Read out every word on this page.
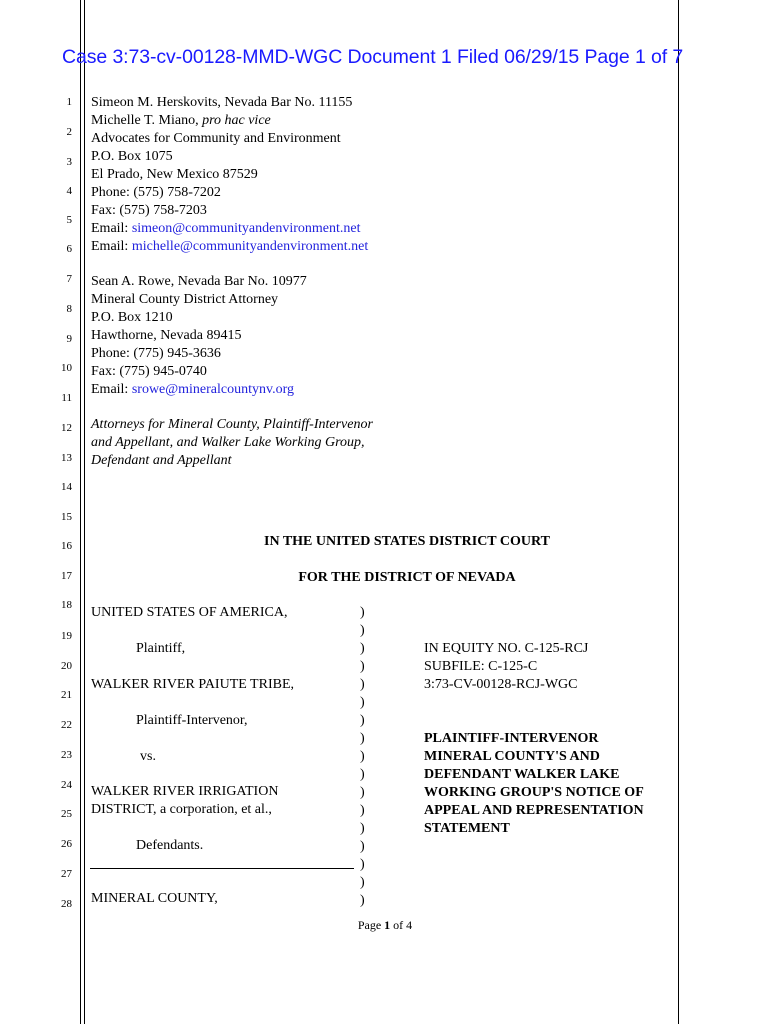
Case 3:73-cv-00128-MMD-WGC Document 1 Filed 06/29/15 Page 1 of 7
1
2
3
4
5
6
7
8
9
10
11
12
13
14
15
16
17
18
19
20
21
22
23
24
25
26
27
28
Simeon M. Herskovits, Nevada Bar No. 11155
Michelle T. Miano, pro hac vice
Advocates for Community and Environment
P.O. Box 1075
El Prado, New Mexico 87529
Phone: (575) 758-7202
Fax: (575) 758-7203
Email: simeon@communityandenvironment.net
Email: michelle@communityandenvironment.net
Sean A. Rowe, Nevada Bar No. 10977
Mineral County District Attorney
P.O. Box 1210
Hawthorne, Nevada 89415
Phone: (775) 945-3636
Fax: (775) 945-0740
Email: srowe@mineralcountynv.org
Attorneys for Mineral County, Plaintiff-Intervenor
and Appellant, and Walker Lake Working Group,
Defendant and Appellant
IN THE UNITED STATES DISTRICT COURT
FOR THE DISTRICT OF NEVADA
UNITED STATES OF AMERICA,
Plaintiff,
WALKER RIVER PAIUTE TRIBE,
Plaintiff-Intervenor,
vs.
WALKER RIVER IRRIGATION
DISTRICT, a corporation, et al.,
Defendants.
MINERAL COUNTY,
)
)
)
)
)
)
)
)
)
)
)
)
)
)
)
)
)
IN EQUITY NO. C-125-RCJ
SUBFILE: C-125-C
3:73-CV-00128-RCJ-WGC
PLAINTIFF-INTERVENOR
MINERAL COUNTY'S AND
DEFENDANT WALKER LAKE
WORKING GROUP'S NOTICE OF
APPEAL AND REPRESENTATION
STATEMENT
Page 1 of 4
